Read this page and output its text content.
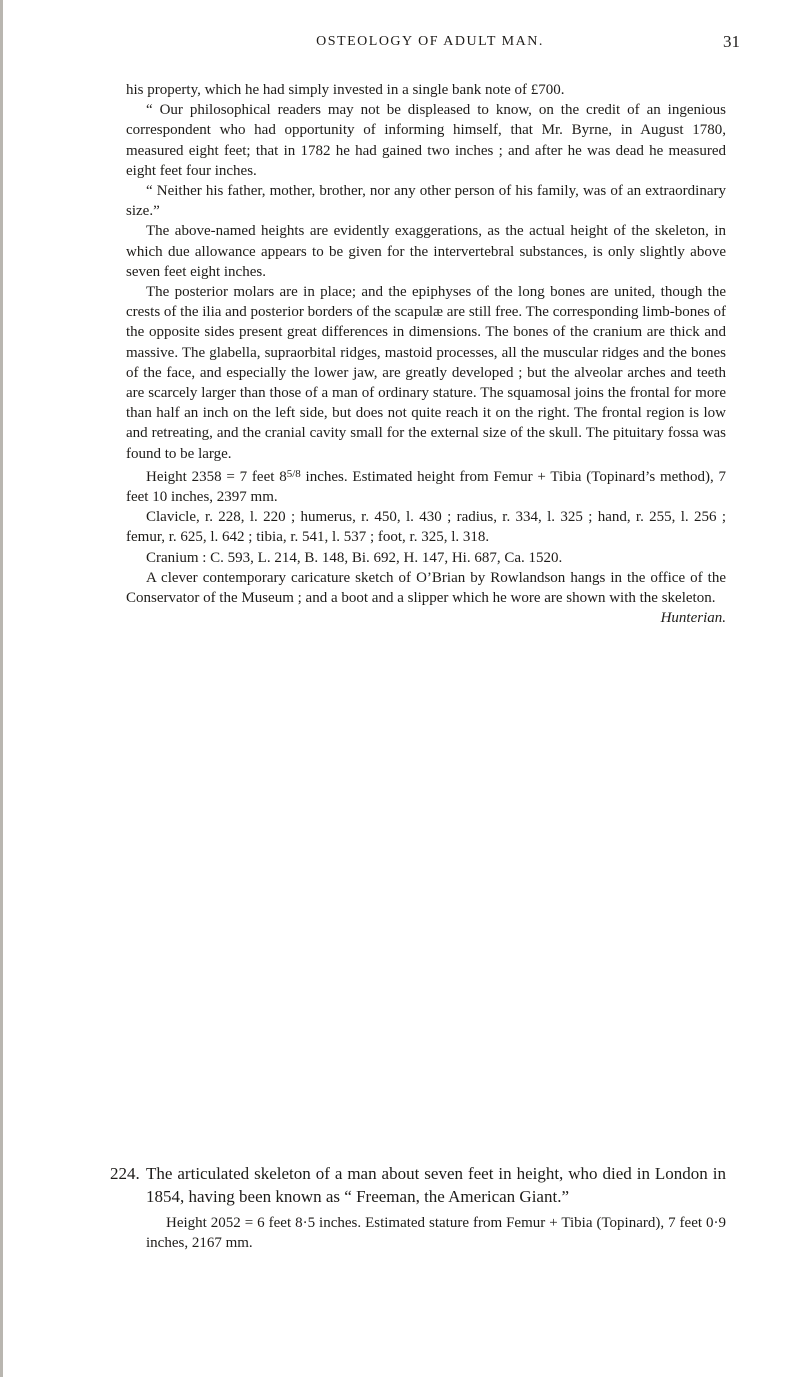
OSTEOLOGY OF ADULT MAN.	31

his property, which he had simply invested in a single bank note of £700.

“ Our philosophical readers may not be displeased to know, on the credit of an ingenious correspondent who had opportunity of informing himself, that Mr. Byrne, in August 1780, measured eight feet; that in 1782 he had gained two inches ; and after he was dead he measured eight feet four inches.

“ Neither his father, mother, brother, nor any other person of his family, was of an extraordinary size.”

The above-named heights are evidently exaggerations, as the actual height of the skeleton, in which due allowance appears to be given for the intervertebral substances, is only slightly above seven feet eight inches.

The posterior molars are in place; and the epiphyses of the long bones are united, though the crests of the ilia and posterior borders of the scapulæ are still free. The corresponding limb-bones of the opposite sides present great differences in dimensions. The bones of the cranium are thick and massive. The glabella, supraorbital ridges, mastoid processes, all the muscular ridges and the bones of the face, and especially the lower jaw, are greatly developed ; but the alveolar arches and teeth are scarcely larger than those of a man of ordinary stature. The squamosal joins the frontal for more than half an inch on the left side, but does not quite reach it on the right. The frontal region is low and retreating, and the cranial cavity small for the external size of the skull. The pituitary fossa was found to be large.

Height 2358 = 7 feet $8^{5/8}$ inches. Estimated height from Femur + Tibia (Topinard’s method), 7 feet 10 inches, 2397 mm.

Clavicle, r. 228, l. 220 ; humerus, r. 450, l. 430 ; radius, r. 334, l. 325 ; hand, r. 255, l. 256 ; femur, r. 625, l. 642 ; tibia, r. 541, l. 537 ; foot, r. 325, l. 318.

Cranium : C. 593, L. 214, B. 148, Bi. 692, H. 147, Hi. 687, Ca. 1520.

A clever contemporary caricature sketch of O’Brian by Rowlandson hangs in the office of the Conservator of the Museum ; and a boot and a slipper which he wore are shown with the skeleton.

Hunterian.

224. The articulated skeleton of a man about seven feet in height, who died in London in 1854, having been known as “ Freeman, the American Giant.”

Height 2052 = 6 feet 8·5 inches. Estimated stature from Femur + Tibia (Topinard), 7 feet 0·9 inches, 2167 mm.
